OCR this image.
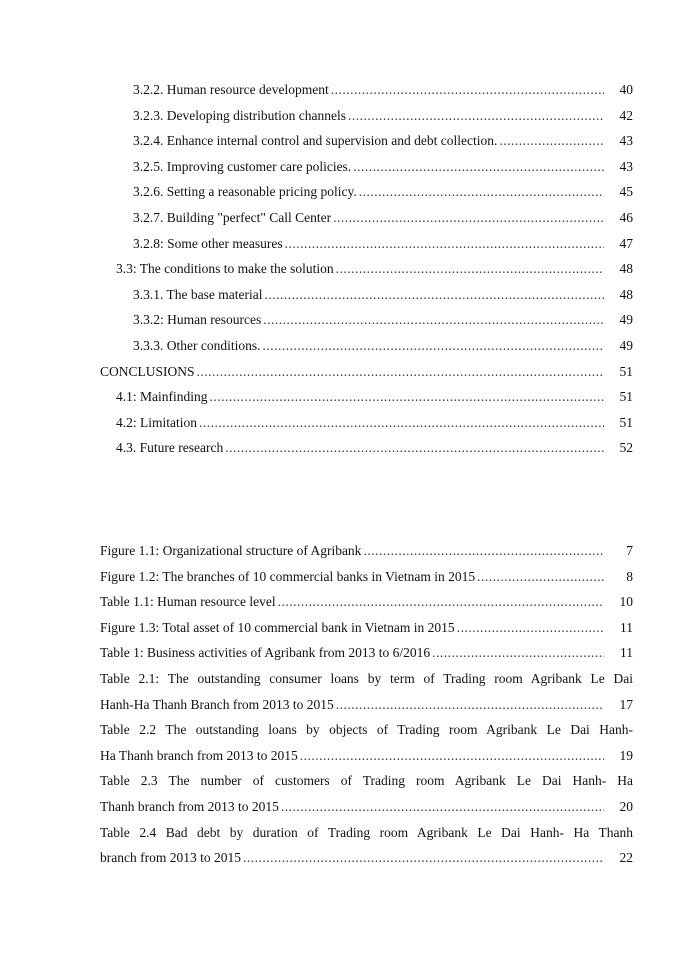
3.2.2. Human resource development .....	40
3.2.3. Developing distribution channels .....	42
3.2.4. Enhance internal control and supervision and debt collection. .....	43
3.2.5. Improving customer care policies. .....	43
3.2.6. Setting a reasonable pricing policy. .....	45
3.2.7. Building "perfect" Call Center .....	46
3.2.8: Some other measures .....	47
3.3: The conditions to make the solution .....	48
3.3.1. The base material .....	48
3.3.2: Human resources .....	49
3.3.3. Other conditions. .....	49
CONCLUSIONS .....	51
4.1: Mainfinding .....	51
4.2: Limitation .....	51
4.3. Future research .....	52
Figure 1.1: Organizational structure of Agribank .....	7
Figure 1.2: The branches of 10 commercial banks in Vietnam in 2015 .....	8
Table 1.1: Human resource level .....	10
Figure 1.3: Total asset of 10 commercial bank in Vietnam in 2015 .....	11
Table 1: Business activities of Agribank from 2013 to 6/2016 .....	11
Table 2.1: The outstanding consumer loans by term of Trading room Agribank Le Dai
Hanh-Ha Thanh Branch from 2013 to 2015 .....	17
Table 2.2 The outstanding loans by objects of Trading room Agribank Le Dai Hanh-
Ha Thanh branch from 2013 to 2015 .....	19
Table 2.3 The number of customers of Trading room Agribank Le Dai Hanh- Ha
Thanh branch from 2013 to 2015 .....	20
Table 2.4 Bad debt by duration of Trading room Agribank Le Dai Hanh- Ha Thanh
branch from 2013 to 2015 .....	22
